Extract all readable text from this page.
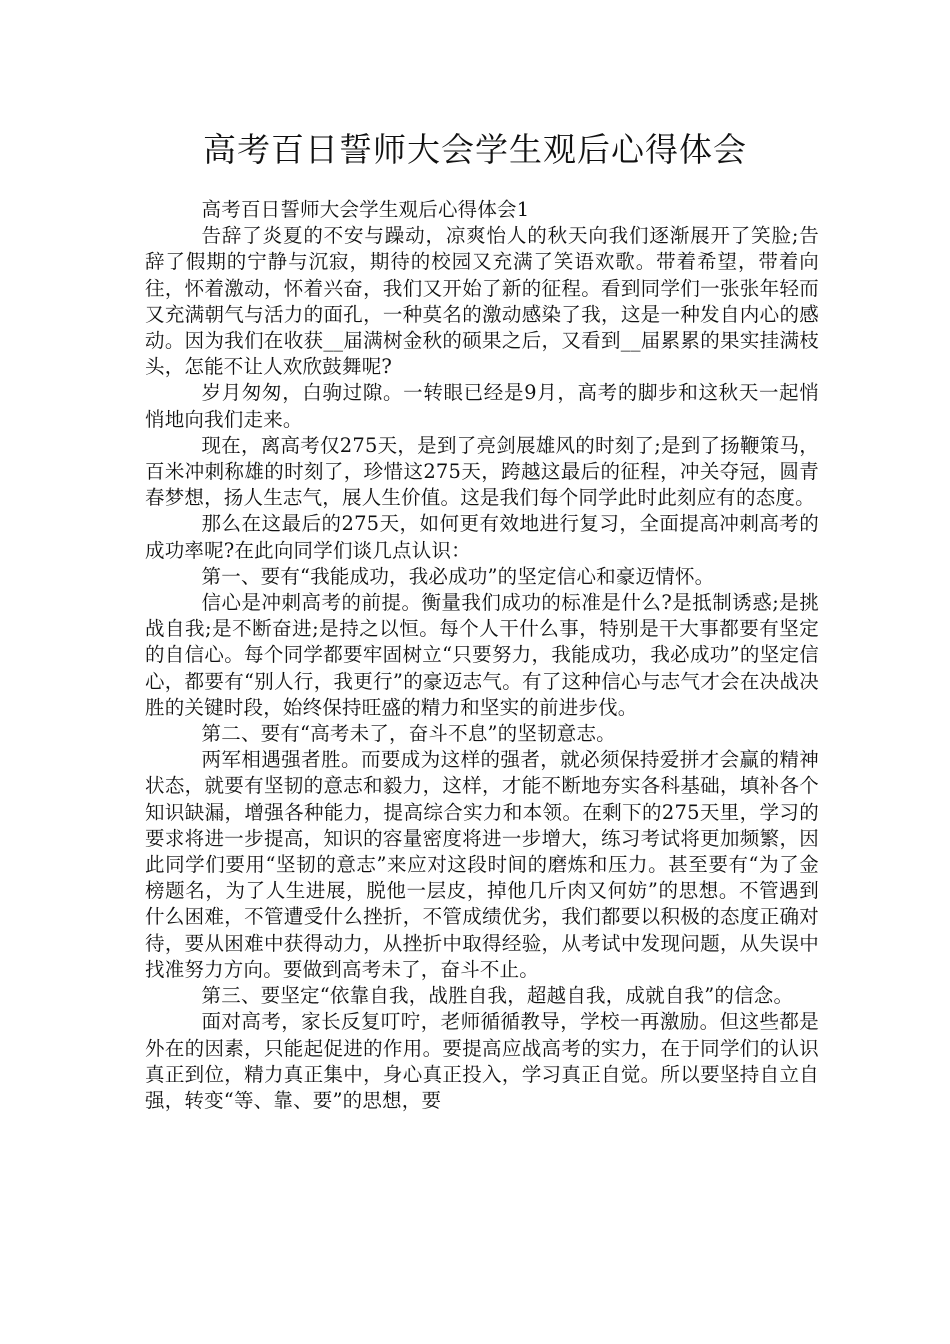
高考百日誓师大会学生观后心得体会

高考百日誓师大会学生观后心得体会1

告辞了炎夏的不安与躁动，凉爽怡人的秋天向我们逐渐展开了笑脸;告辞了假期的宁静与沉寂，期待的校园又充满了笑语欢歌。带着希望，带着向往，怀着激动，怀着兴奋，我们又开始了新的征程。看到同学们一张张年轻而又充满朝气与活力的面孔，一种莫名的激动感染了我，这是一种发自内心的感动。因为我们在收获__届满树金秋的硕果之后，又看到__届累累的果实挂满枝头，怎能不让人欢欣鼓舞呢?

岁月匆匆，白驹过隙。一转眼已经是9月，高考的脚步和这秋天一起悄悄地向我们走来。

现在，离高考仅275天，是到了亮剑展雄风的时刻了;是到了扬鞭策马，百米冲刺称雄的时刻了，珍惜这275天，跨越这最后的征程，冲关夺冠，圆青春梦想，扬人生志气，展人生价值。这是我们每个同学此时此刻应有的态度。

那么在这最后的275天，如何更有效地进行复习，全面提高冲刺高考的成功率呢?在此向同学们谈几点认识：

第一、要有“我能成功，我必成功”的坚定信心和豪迈情怀。

信心是冲刺高考的前提。衡量我们成功的标准是什么?是抵制诱惑;是挑战自我;是不断奋进;是持之以恒。每个人干什么事，特别是干大事都要有坚定的自信心。每个同学都要牢固树立“只要努力，我能成功，我必成功”的坚定信心，都要有“别人行，我更行”的豪迈志气。有了这种信心与志气才会在决战决胜的关键时段，始终保持旺盛的精力和坚实的前进步伐。

第二、要有“高考未了，奋斗不息”的坚韧意志。

两军相遇强者胜。而要成为这样的强者，就必须保持爱拼才会赢的精神状态，就要有坚韧的意志和毅力，这样，才能不断地夯实各科基础，填补各个知识缺漏，增强各种能力，提高综合实力和本领。在剩下的275天里，学习的要求将进一步提高，知识的容量密度将进一步增大，练习考试将更加频繁，因此同学们要用“坚韧的意志”来应对这段时间的磨炼和压力。甚至要有“为了金榜题名，为了人生进展，脱他一层皮，掉他几斤肉又何妨”的思想。不管遇到什么困难，不管遭受什么挫折，不管成绩优劣，我们都要以积极的态度正确对待，要从困难中获得动力，从挫折中取得经验，从考试中发现问题，从失误中找准努力方向。要做到高考未了，奋斗不止。

第三、要坚定“依靠自我，战胜自我，超越自我，成就自我”的信念。

面对高考，家长反复叮咛，老师循循教导，学校一再激励。但这些都是外在的因素，只能起促进的作用。要提高应战高考的实力，在于同学们的认识真正到位，精力真正集中，身心真正投入，学习真正自觉。所以要坚持自立自强，转变“等、靠、要”的思想，要
